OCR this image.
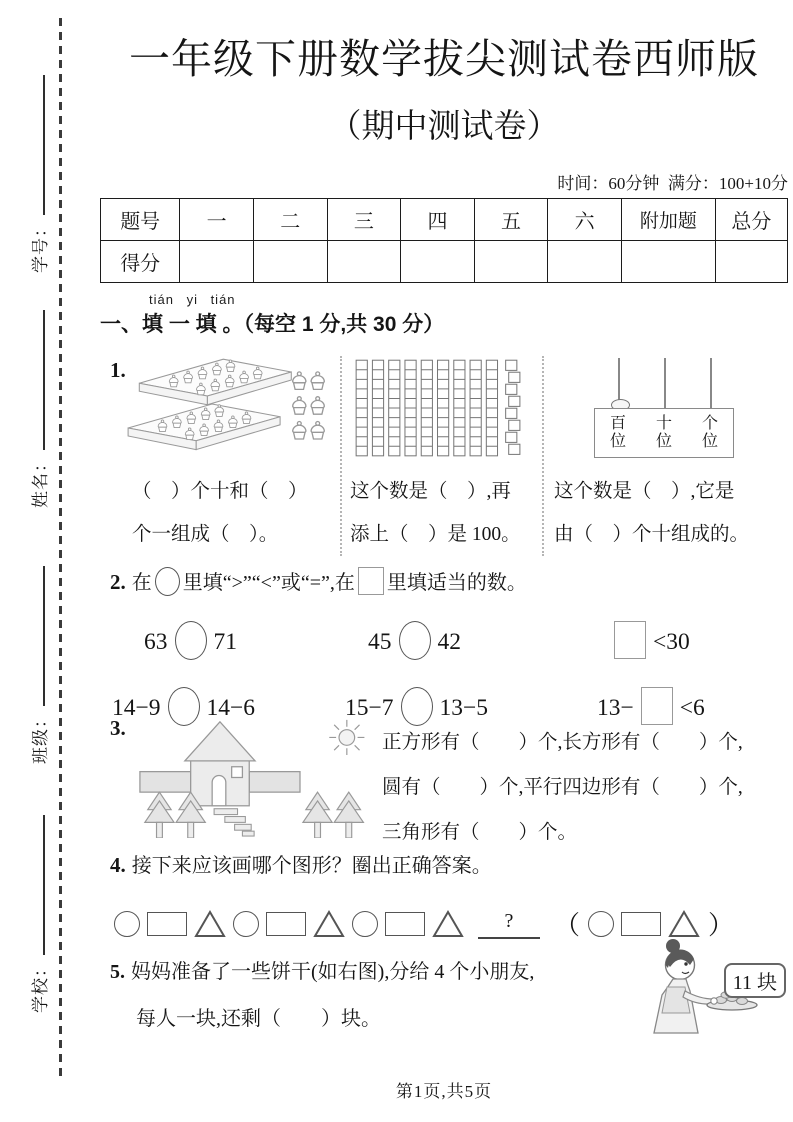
学号：
姓名：
班级：
学校：
一年级下册数学拔尖测试卷西师版
（期中测试卷）
时间：60分钟  满分：100+10分
题号	一	二	三	四	五	六	附加题	总分
得分								
tián yi tián
一、填 一 填 。（每空 1 分,共 30 分）
1.
（　）个十和（　）
个一组成（　）。
这个数是（　）,再
添上（　）是 100。
百位
十位
个位
这个数是（　）,它是
由（　）个十组成的。
2. 在 里填“>”“<”或“=”,在 里填适当的数。
63 71	45 42	<30
14−9 14−6	15−7 13−5	13− <6
3.
正方形有（　　）个,长方形有（　　）个,
圆有（　　）个,平行四边形有（　　）个,
三角形有（　　）个。
4. 接下来应该画哪个图形？圈出正确答案。
?	（	）
5. 妈妈准备了一些饼干(如右图),分给 4 个小朋友,
每人一块,还剩（　　）块。
11 块
第1页,共5页
